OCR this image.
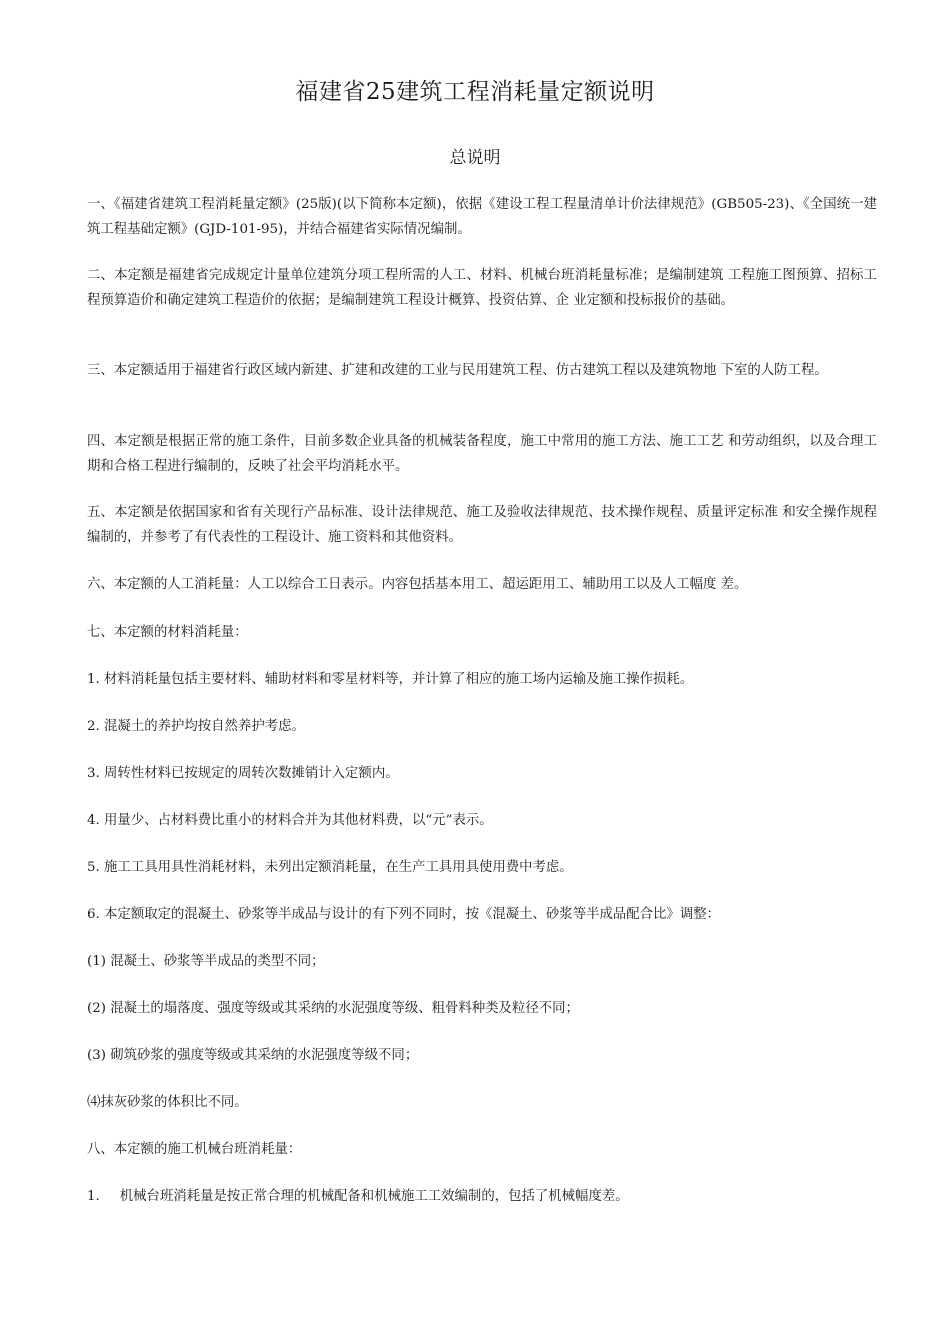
福建省25建筑工程消耗量定额说明
总说明

一、《福建省建筑工程消耗量定额》(25版)(以下简称本定额)，依据《建设工程工程量清单计价法律规范》(GB505-23)、《全国统一建筑工程基础定额》(GJD-101-95)，并结合福建省实际情况编制。

二、本定额是福建省完成规定计量单位建筑分项工程所需的人工、材料、机械台班消耗量标准；是编制建筑 工程施工图预算、招标工程预算造价和确定建筑工程造价的依据；是编制建筑工程设计概算、投资估算、企 业定额和投标报价的基础。

三、本定额适用于福建省行政区域内新建、扩建和改建的工业与民用建筑工程、仿古建筑工程以及建筑物地 下室的人防工程。

四、本定额是根据正常的施工条件，目前多数企业具备的机械装备程度，施工中常用的施工方法、施工工艺 和劳动组织，以及合理工期和合格工程进行编制的，反映了社会平均消耗水平。

五、本定额是依据国家和省有关现行产品标准、设计法律规范、施工及验收法律规范、技术操作规程、质量评定标准 和安全操作规程编制的，并参考了有代表性的工程设计、施工资料和其他资料。

六、本定额的人工消耗量：人工以综合工日表示。内容包括基本用工、超运距用工、辅助用工以及人工幅度 差。

七、本定额的材料消耗量：

1. 材料消耗量包括主要材料、辅助材料和零星材料等，并计算了相应的施工场内运输及施工操作损耗。

2. 混凝土的养护均按自然养护考虑。

3. 周转性材料已按规定的周转次数摊销计入定额内。

4. 用量少、占材料费比重小的材料合并为其他材料费，以“元”表示。

5. 施工工具用具性消耗材料，未列出定额消耗量，在生产工具用具使用费中考虑。

6. 本定额取定的混凝土、砂浆等半成品与设计的有下列不同时，按《混凝土、砂浆等半成品配合比》调整：

(1) 混凝土、砂浆等半成品的类型不同；

(2) 混凝土的塌落度、强度等级或其采纳的水泥强度等级、粗骨料种类及粒径不同；

(3) 砌筑砂浆的强度等级或其采纳的水泥强度等级不同；

⑷抹灰砂浆的体积比不同。

八、本定额的施工机械台班消耗量：

1. 机械台班消耗量是按正常合理的机械配备和机械施工工效编制的，包括了机械幅度差。
